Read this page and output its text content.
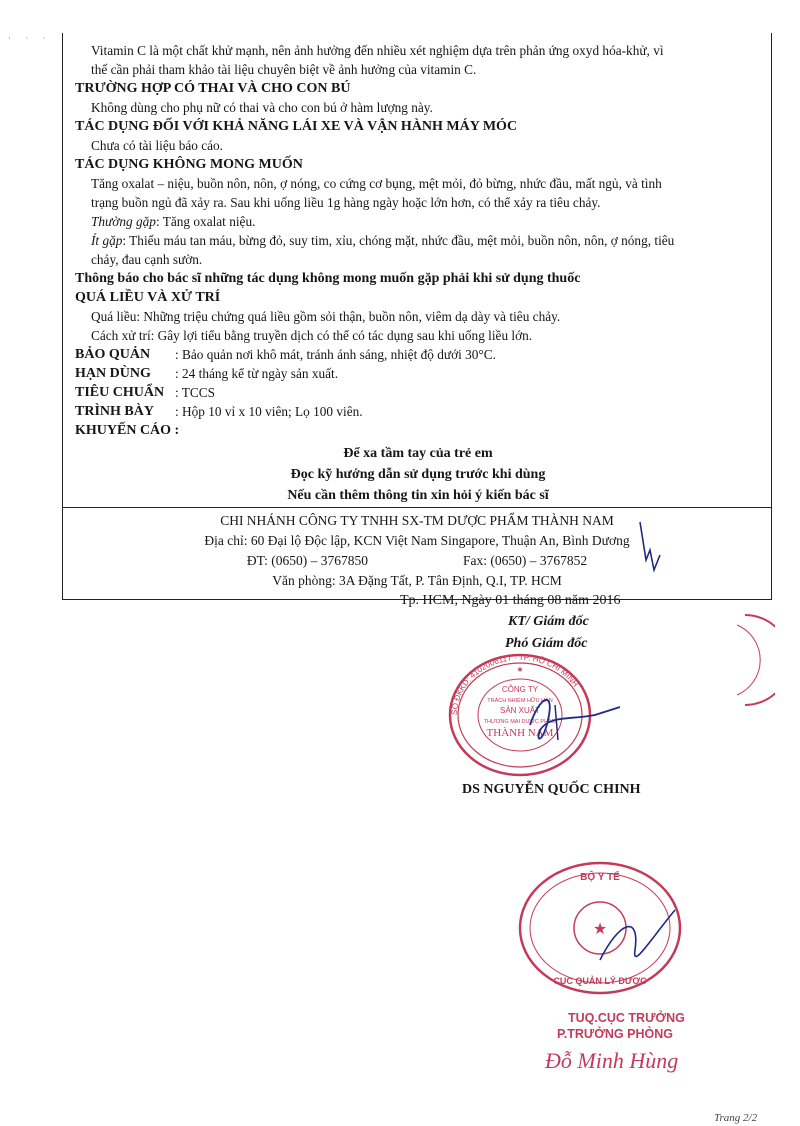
· · ·

Vitamin C là một chất khử mạnh, nên ảnh hưởng đến nhiều xét nghiệm dựa trên phản ứng oxyd hóa-khử, vì

thế cần phải tham khảo tài liệu chuyên biệt về ảnh hưởng của vitamin C.

TRƯỜNG HỢP CÓ THAI VÀ CHO CON BÚ

Không dùng cho phụ nữ có thai và cho con bú ở hàm lượng này.

TÁC DỤNG ĐỐI VỚI KHẢ NĂNG LÁI XE VÀ VẬN HÀNH MÁY MÓC

Chưa có tài liệu báo cáo.

TÁC DỤNG KHÔNG MONG MUỐN

Tăng oxalat – niệu, buồn nôn, nôn, ợ nóng, co cứng cơ bụng, mệt mỏi, đỏ bừng, nhức đầu, mất ngủ, và tình

trạng buồn ngủ đã xảy ra. Sau khi uống liều 1g hàng ngày hoặc lớn hơn, có thể xảy ra tiêu chảy.

Thường gặp: Tăng oxalat niệu.

Ít gặp: Thiếu máu tan máu, bừng đỏ, suy tim, xỉu, chóng mặt, nhức đầu, mệt mỏi, buồn nôn, nôn, ợ nóng, tiêu

chảy, đau cạnh sườn.

Thông báo cho bác sĩ những tác dụng không mong muốn gặp phải khi sử dụng thuốc

QUÁ LIỀU VÀ XỬ TRÍ

Quá liều: Những triệu chứng quá liều gồm sỏi thận, buồn nôn, viêm dạ dày và tiêu chảy.

Cách xử trí: Gây lợi tiểu bằng truyền dịch có thể có tác dụng sau khi uống liều lớn.

BẢO QUẢN	: Bảo quản nơi khô mát, tránh ánh sáng, nhiệt độ dưới 30°C.
HẠN DÙNG	: 24 tháng kể từ ngày sản xuất.
TIÊU CHUẨN : TCCS
TRÌNH BÀY	: Hộp 10 vỉ x 10 viên; Lọ 100 viên.

KHUYẾN CÁO :

Để xa tầm tay của trẻ em
Đọc kỹ hướng dẫn sử dụng trước khi dùng
Nếu cần thêm thông tin xin hỏi ý kiến bác sĩ
CHI NHÁNH CÔNG TY TNHH SX-TM DƯỢC PHẨM THÀNH NAM
Địa chỉ: 60 Đại lộ Độc lập, KCN Việt Nam Singapore, Thuận An, Bình Dương
ĐT: (0650) – 3767850	Fax: (0650) – 3767852
Văn phòng: 3A Đặng Tất, P. Tân Định, Q.I, TP. HCM
Tp. HCM, Ngày 01 tháng 08 năm 2016
KT/ Giám đốc
Phó Giám đốc
SỐ ĐKKD: 4102006117 · TP. HỒ CHÍ MINH
CÔNG TY
TRÁCH NHIỆM HỮU HẠN
SẢN XUẤT
THƯƠNG MẠI DƯỢC PHẨM
THÀNH NAM
★
DS NGUYỄN QUỐC CHINH
BỘ Y TẾ
CỤC QUẢN LÝ DƯỢC
★
TUQ.CỤC TRƯỞNG
P.TRƯỞNG PHÒNG
Đỗ Minh Hùng
Trang 2/2
